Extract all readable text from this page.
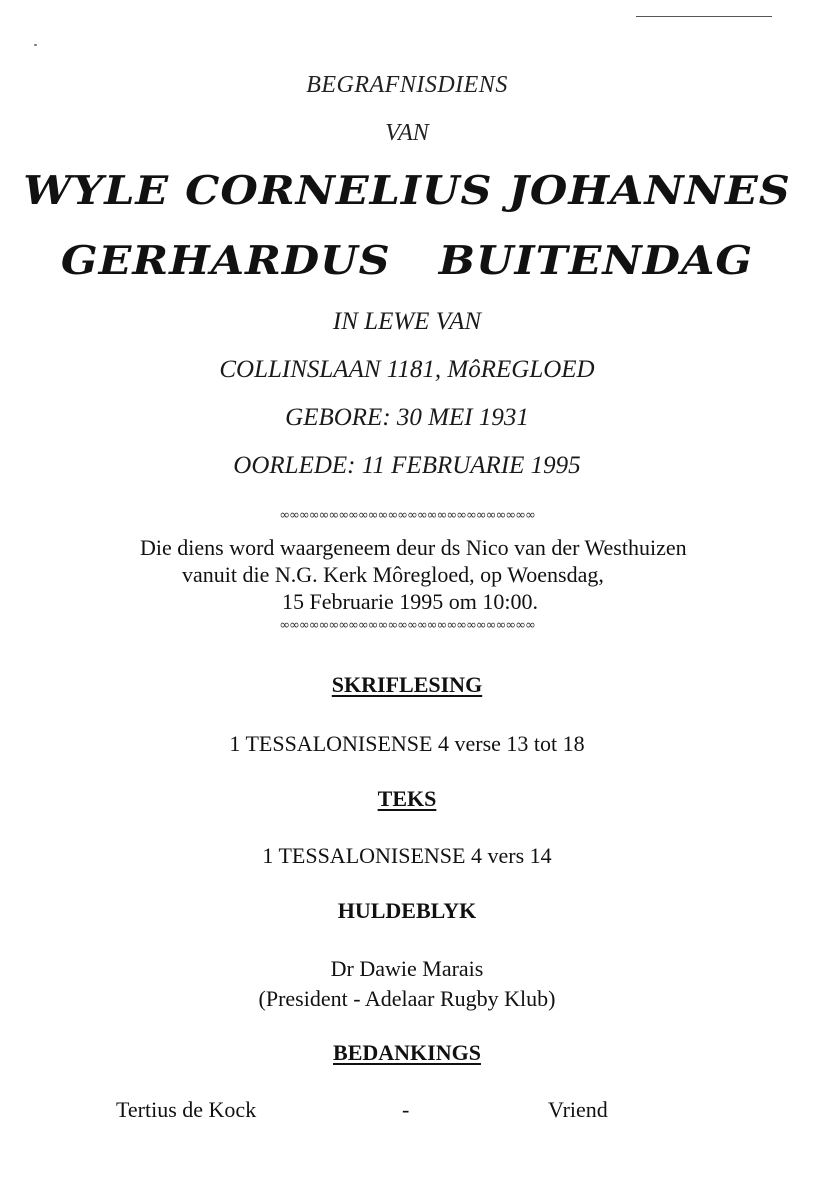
BEGRAFNISDIENS
VAN
WYLE CORNELIUS JOHANNES
GERHARDUS BUITENDAG
IN LEWE VAN
COLLINSLAAN 1181, MôREGLOED
GEBORE: 30 MEI 1931
OORLEDE: 11 FEBRUARIE 1995
∞∞∞∞∞∞∞∞∞∞∞∞∞∞∞∞∞∞∞∞∞∞∞∞∞∞
Die diens word waargeneem deur ds Nico van der Westhuizen
vanuit die N.G. Kerk Môregloed, op Woensdag,
15 Februarie 1995 om 10:00.
∞∞∞∞∞∞∞∞∞∞∞∞∞∞∞∞∞∞∞∞∞∞∞∞∞∞
SKRIFLESING
1 TESSALONISENSE 4 verse 13 tot 18
TEKS
1 TESSALONISENSE 4 vers 14
HULDEBLYK
Dr Dawie Marais
(President - Adelaar Rugby Klub)
BEDANKINGS
Tertius de Kock	-	Vriend
